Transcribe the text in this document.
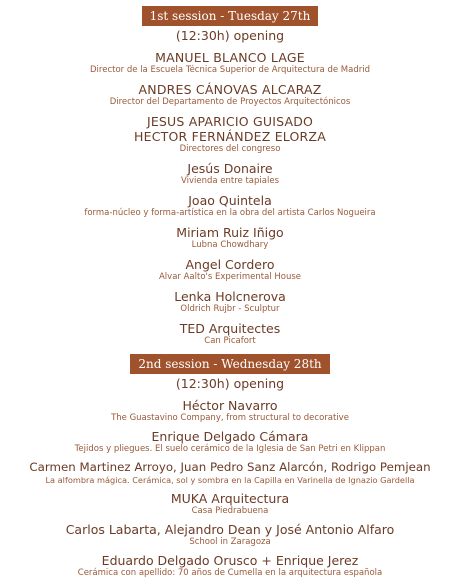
1st session - Tuesday 27th
(12:30h) opening
MANUEL BLANCO LAGE
Director de la Escuela Técnica Superior de Arquitectura de Madrid
ANDRES CÁNOVAS ALCARAZ
Director del Departamento de Proyectos Arquitectónicos
JESUS APARICIO GUISADO
HECTOR FERNÁNDEZ ELORZA
Directores del congreso
Jesús Donaire
Vivienda entre tapiales
Joao Quintela
forma-núcleo y forma-artística en la obra del artista Carlos Nogueira
Miriam Ruiz Iñigo
Lubna Chowdhary
Angel Cordero
Alvar Aalto's Experimental House
Lenka Holcnerova
Oldrich Rujbr - Sculptur
TED Arquitectes
Can Picafort
2nd session - Wednesday 28th
(12:30h) opening
Héctor Navarro
The Guastavino Company, from structural to decorative
Enrique Delgado Cámara
Tejidos y pliegues. El suelo cerámico de la Iglesia de San Petri en Klippan
Carmen Martinez Arroyo, Juan Pedro Sanz Alarcón, Rodrigo Pemjean
La alfombra mágica. Cerámica, sol y sombra en la Capilla en Varinella de Ignazio Gardella
MUKA Arquitectura
Casa Piedrabuena
Carlos Labarta, Alejandro Dean y José Antonio Alfaro
School in Zaragoza
Eduardo Delgado Orusco + Enrique Jerez
Cerámica con apellido: 70 años de Cumella en la arquitectura española
